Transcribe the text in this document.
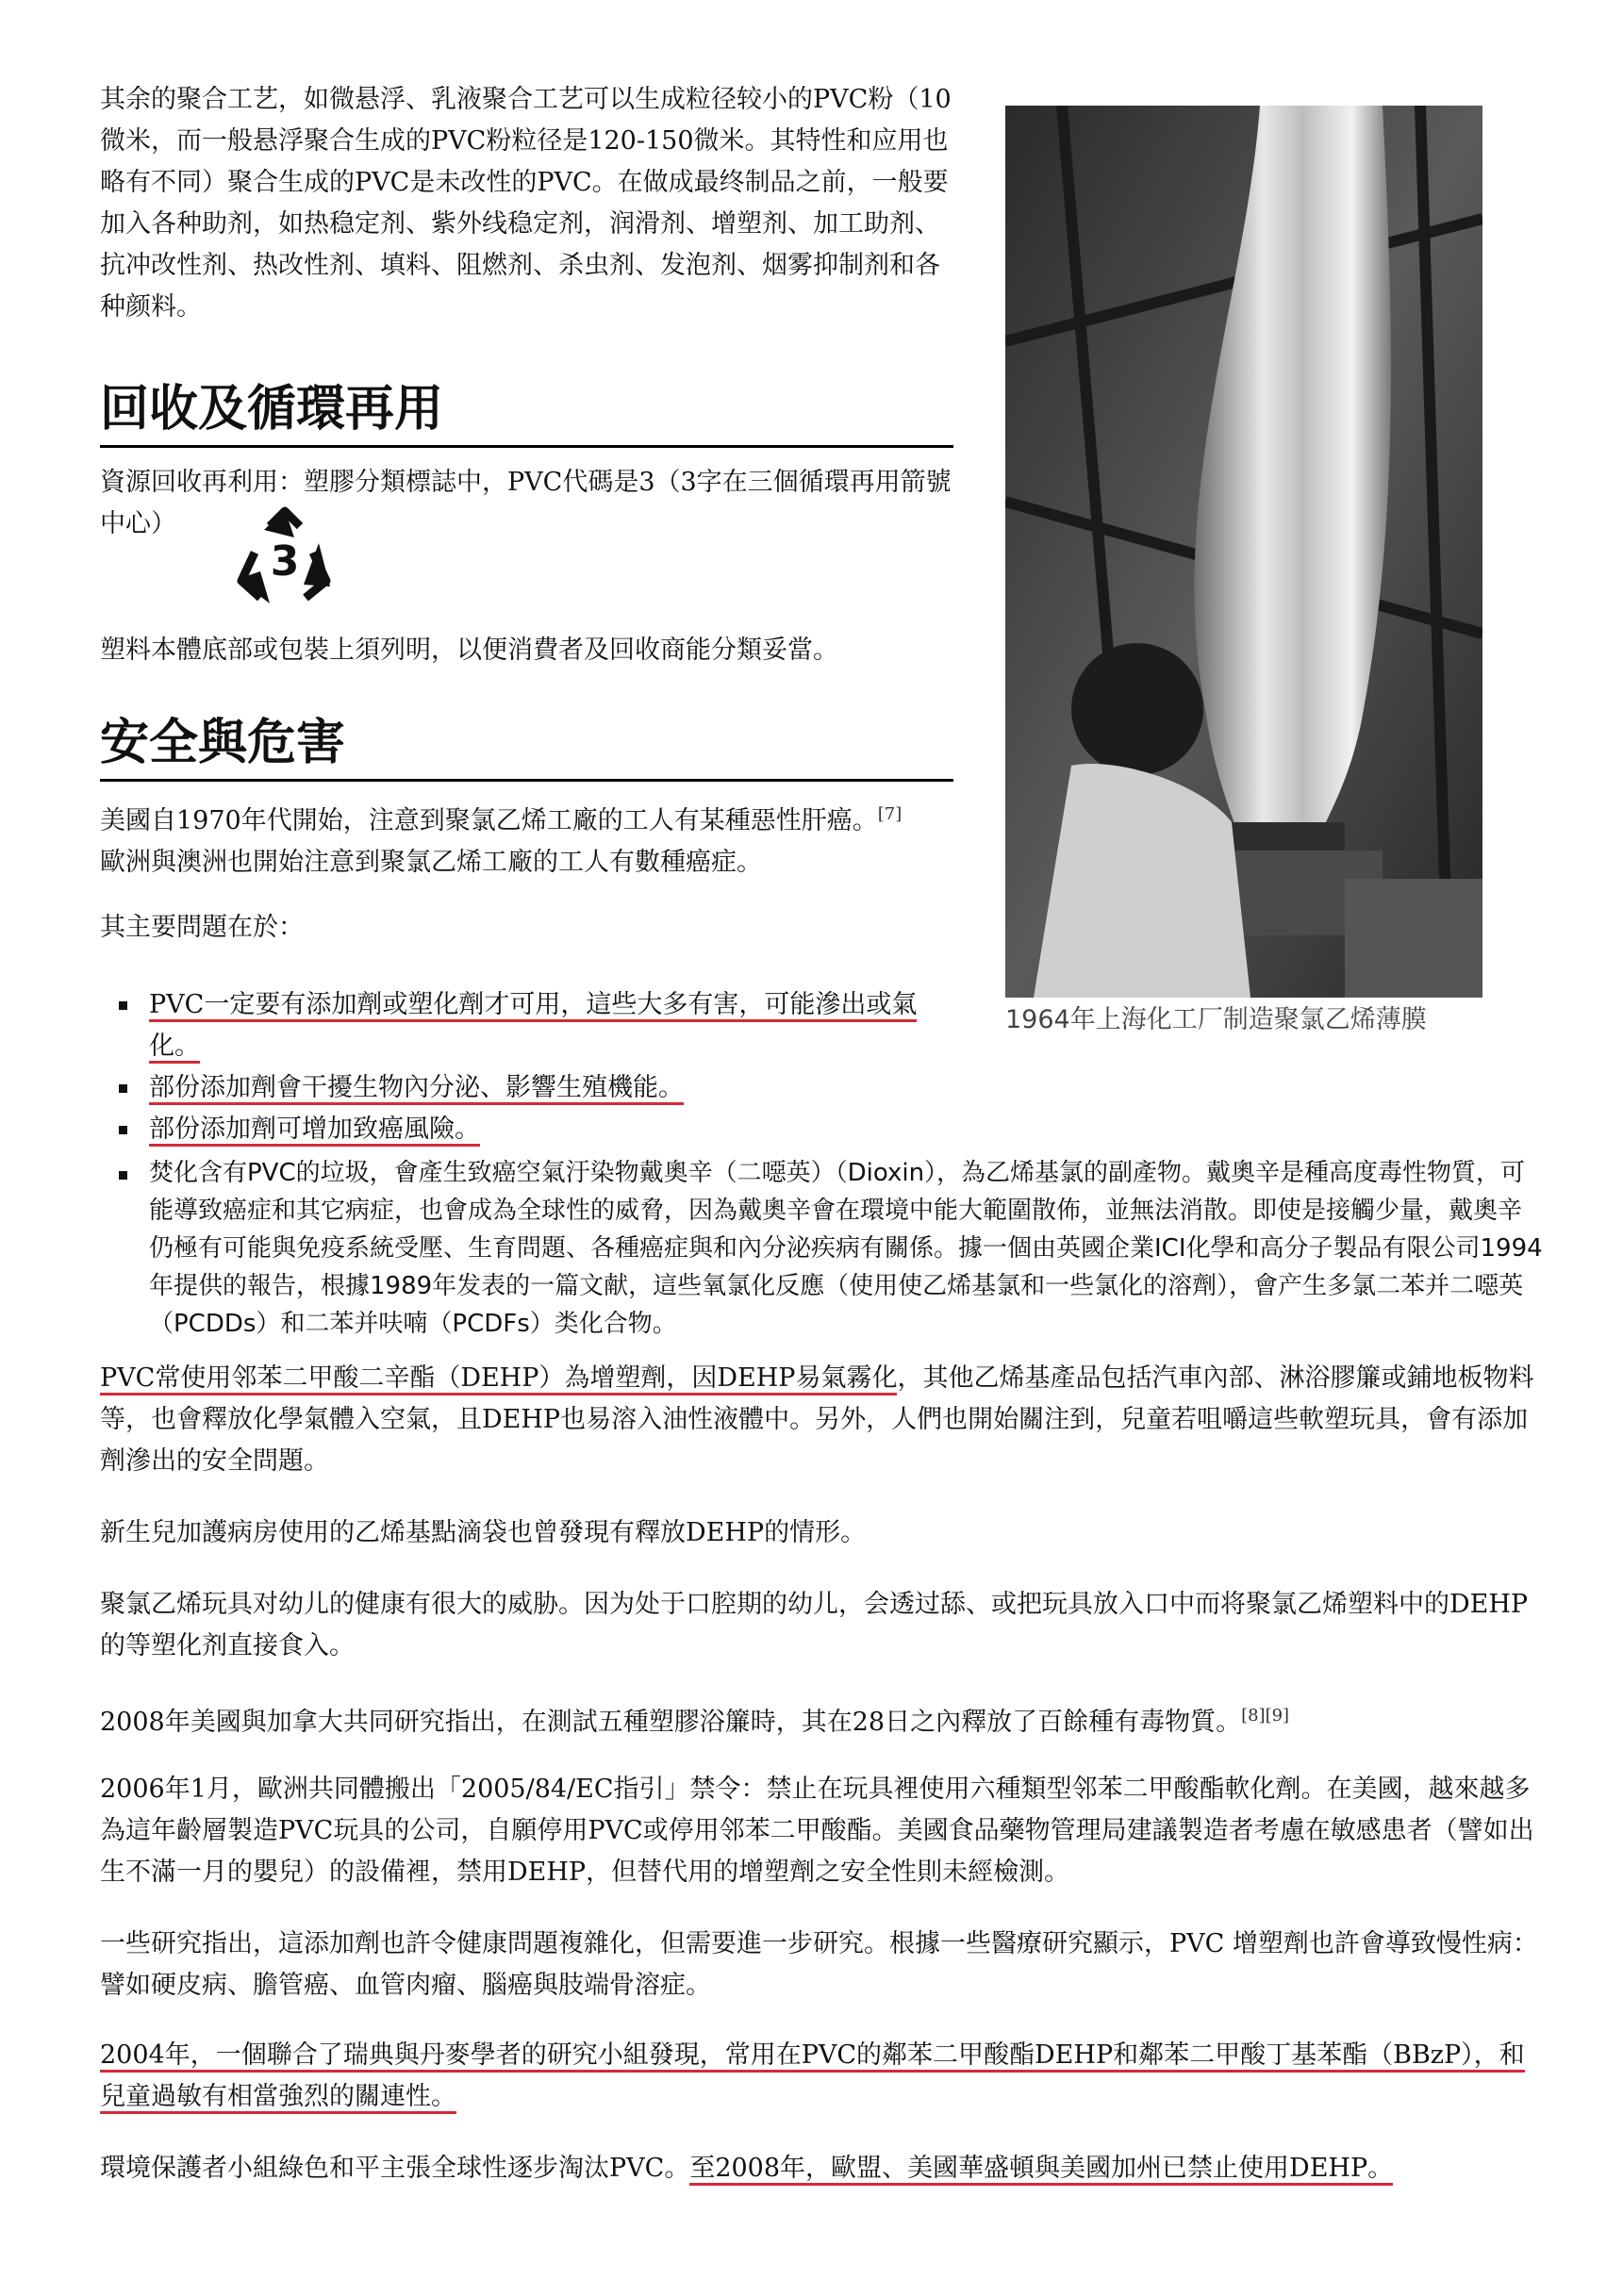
其余的聚合工艺，如微悬浮、乳液聚合工艺可以生成粒径较小的PVC粉（10微米，而一般悬浮聚合生成的PVC粉粒径是120-150微米。其特性和应用也略有不同）聚合生成的PVC是未改性的PVC。在做成最终制品之前，一般要加入各种助剂，如热稳定剂、紫外线稳定剂，润滑剂、增塑剂、加工助剂、抗冲改性剂、热改性剂、填料、阻燃剂、杀虫剂、发泡剂、烟雾抑制剂和各种颜料。

回收及循環再用

資源回收再利用：塑膠分類標誌中，PVC代碼是3（3字在三個循環再用箭號中心）

3

塑料本體底部或包裝上須列明，以便消費者及回收商能分類妥當。

安全與危害

美國自1970年代開始，注意到聚氯乙烯工廠的工人有某種惡性肝癌。[7]
歐洲與澳洲也開始注意到聚氯乙烯工廠的工人有數種癌症。

其主要問題在於：

PVC一定要有添加劑或塑化劑才可用，這些大多有害，可能滲出或氣化。
部份添加劑會干擾生物內分泌、影響生殖機能。
部份添加劑可增加致癌風險。
焚化含有PVC的垃圾，會產生致癌空氣汙染物戴奧辛（二噁英）（Dioxin），為乙烯基氯的副產物。戴奧辛是種高度毒性物質，可能導致癌症和其它病症，也會成為全球性的威脅，因為戴奧辛會在環境中能大範圍散佈，並無法消散。即使是接觸少量，戴奧辛仍極有可能與免疫系統受壓、生育問題、各種癌症與和內分泌疾病有關係。據一個由英國企業ICI化學和高分子製品有限公司1994年提供的報告，根據1989年发表的一篇文献，這些氧氯化反應（使用使乙烯基氯和一些氯化的溶劑），會产生多氯二苯并二噁英（PCDDs）和二苯并呋喃（PCDFs）类化合物。

PVC常使用邻苯二甲酸二辛酯（DEHP）為增塑劑，因DEHP易氣霧化，其他乙烯基產品包括汽車內部、淋浴膠簾或鋪地板物料等，也會釋放化學氣體入空氣，且DEHP也易溶入油性液體中。另外，人們也開始關注到，兒童若咀嚼這些軟塑玩具，會有添加劑滲出的安全問題。

新生兒加護病房使用的乙烯基點滴袋也曾發現有釋放DEHP的情形。

聚氯乙烯玩具对幼儿的健康有很大的威胁。因为处于口腔期的幼儿，会透过舔、或把玩具放入口中而将聚氯乙烯塑料中的DEHP的等塑化剂直接食入。

2008年美國與加拿大共同研究指出，在測試五種塑膠浴簾時，其在28日之內釋放了百餘種有毒物質。[8][9]

2006年1月，歐洲共同體搬出「2005/84/EC指引」禁令：禁止在玩具裡使用六種類型邻苯二甲酸酯軟化劑。在美國，越來越多為這年齡層製造PVC玩具的公司，自願停用PVC或停用邻苯二甲酸酯。美國食品藥物管理局建議製造者考慮在敏感患者（譬如出生不滿一月的嬰兒）的設備裡，禁用DEHP，但替代用的增塑劑之安全性則未經檢測。

一些研究指出，這添加劑也許令健康問題複雜化，但需要進一步研究。根據一些醫療研究顯示，PVC 增塑劑也許會導致慢性病：譬如硬皮病、膽管癌、血管肉瘤、腦癌與肢端骨溶症。

2004年，一個聯合了瑞典與丹麥學者的研究小組發現，常用在PVC的鄰苯二甲酸酯DEHP和鄰苯二甲酸丁基苯酯（BBzP），和兒童過敏有相當強烈的關連性。

環境保護者小組綠色和平主張全球性逐步淘汰PVC。至2008年，歐盟、美國華盛頓與美國加州已禁止使用DEHP。

1964年上海化工厂制造聚氯乙烯薄膜
